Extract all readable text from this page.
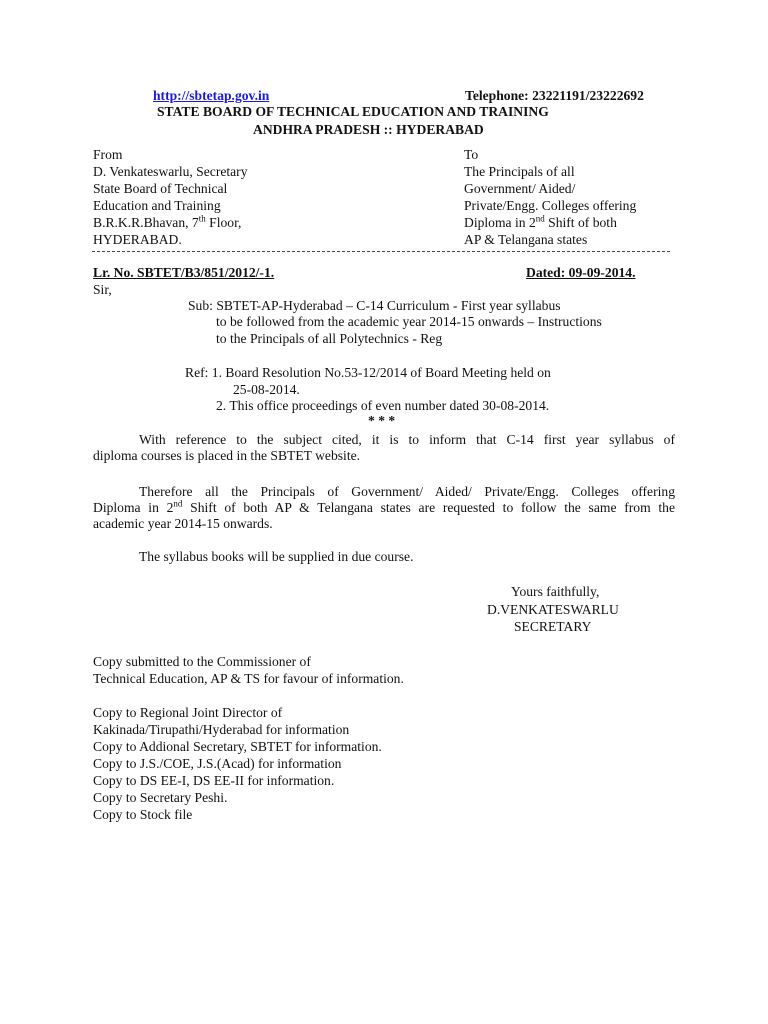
http://sbtetap.gov.in	Telephone: 23221191/23222692
STATE BOARD OF TECHNICAL EDUCATION AND TRAINING
ANDHRA PRADESH :: HYDERABAD
From
D. Venkateswarlu, Secretary
State Board of Technical
Education and Training
B.R.K.R.Bhavan, 7th Floor,
HYDERABAD.
To
The Principals of all
Government/ Aided/
Private/Engg. Colleges offering
Diploma in 2nd Shift of both
AP & Telangana states
Lr. No. SBTET/B3/851/2012/-1.	Dated: 09-09-2014.
Sir,
Sub: SBTET-AP-Hyderabad – C-14 Curriculum - First year syllabus
to be followed from the academic year 2014-15 onwards – Instructions
to the Principals of all Polytechnics - Reg
Ref: 1. Board Resolution No.53-12/2014 of Board Meeting held on
25-08-2014.
2. This office proceedings of even number dated 30-08-2014.
* * *
With reference to the subject cited, it is to inform that C-14 first year syllabus of
diploma courses is placed in the SBTET website.
Therefore all the Principals of Government/ Aided/ Private/Engg. Colleges offering
Diploma in 2nd Shift of both AP & Telangana states are requested to follow the same from the
academic year 2014-15 onwards.
The syllabus books will be supplied in due course.
Yours faithfully,
D.VENKATESWARLU
SECRETARY
Copy submitted to the Commissioner of
Technical Education, AP & TS for favour of information.
Copy to Regional Joint Director of
Kakinada/Tirupathi/Hyderabad for information
Copy to Addional Secretary, SBTET for information.
Copy to J.S./COE, J.S.(Acad) for information
Copy to DS EE-I, DS EE-II for information.
Copy to Secretary Peshi.
Copy to Stock file
